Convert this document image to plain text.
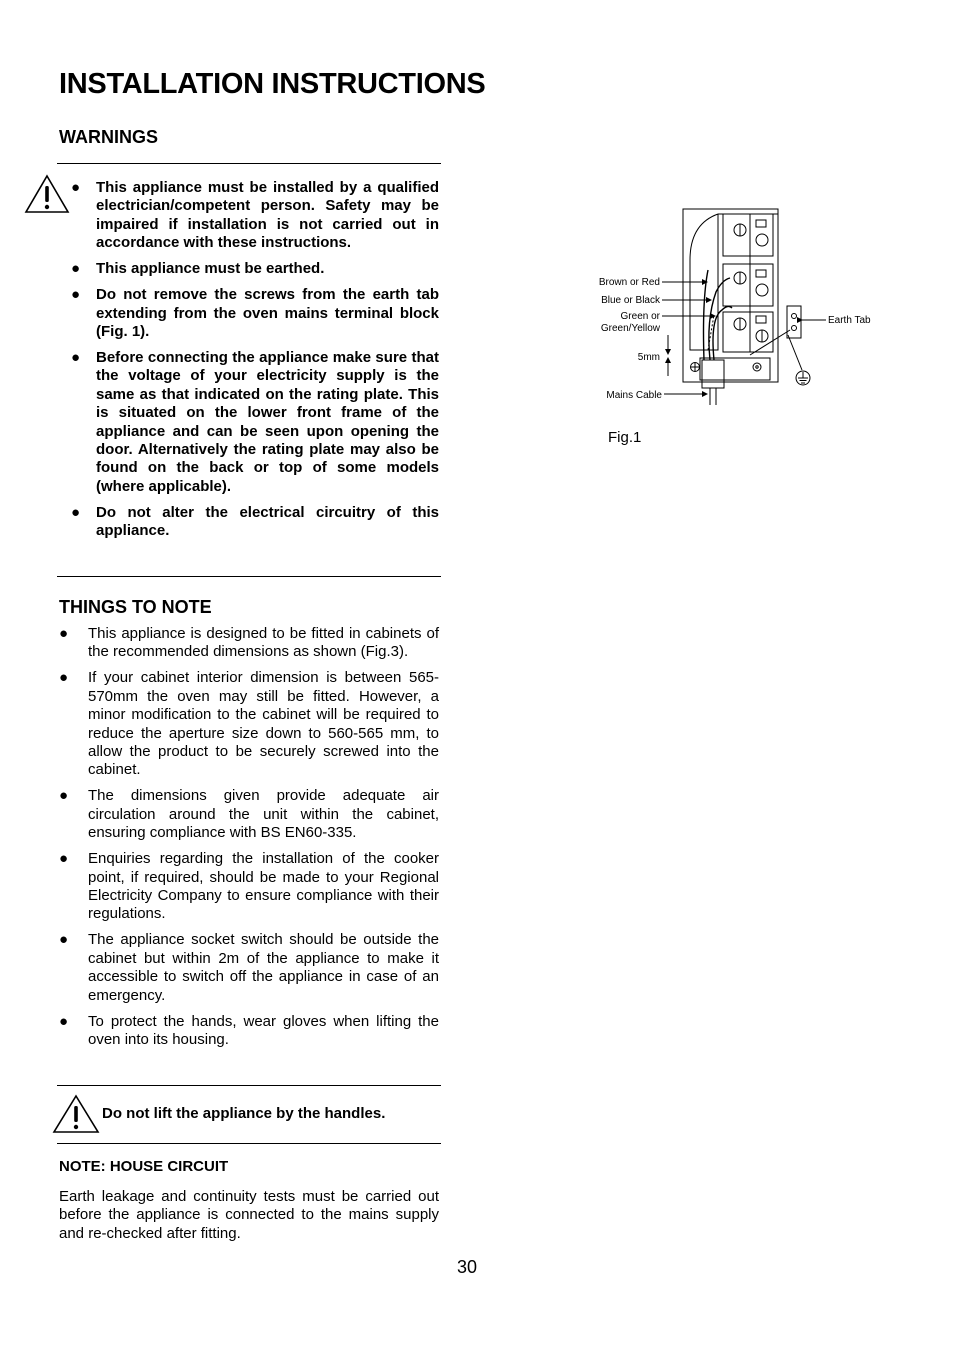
INSTALLATION INSTRUCTIONS
WARNINGS
● This appliance must be installed by a qualified electrician/competent person. Safety may be impaired if installation is not carried out in accordance with these instructions.
● This appliance must be earthed.
● Do not remove the screws from the earth tab extending from the oven mains terminal block (Fig. 1).
● Before connecting the appliance make sure that the voltage of your electricity supply is the same as that indicated on the rating plate. This is situated on the lower front frame of the appliance and can be seen upon opening the door. Alternatively the rating plate may also be found on the back or top of some models (where applicable).
● Do not alter the electrical circuitry of this appliance.
THINGS TO NOTE
● This appliance is designed to be fitted in cabinets of the recommended dimensions as shown (Fig.3).
● If your cabinet interior dimension is between 565-570mm the oven may still be fitted. However, a minor modification to the cabinet will be required to reduce the aperture size down to 560-565 mm, to allow the product to be securely screwed into the cabinet.
● The dimensions given provide adequate air circulation around the unit within the cabinet, ensuring compliance with BS EN60-335.
● Enquiries regarding the installation of the cooker point, if required, should be made to your Regional Electricity Company to ensure compliance with their regulations.
● The appliance socket switch should be outside the cabinet but within 2m of the appliance to make it accessible to switch off the appliance in case of an emergency.
● To protect the hands, wear gloves when lifting the oven into its housing.
Do not lift the appliance by the handles.
NOTE: HOUSE CIRCUIT
Earth leakage and continuity tests must be carried out before the appliance is connected to the mains supply and re-checked after fitting.
30
Brown or Red
Blue or Black
Green or
Green/Yellow
5mm
Mains Cable
Earth Tab
Fig.1
